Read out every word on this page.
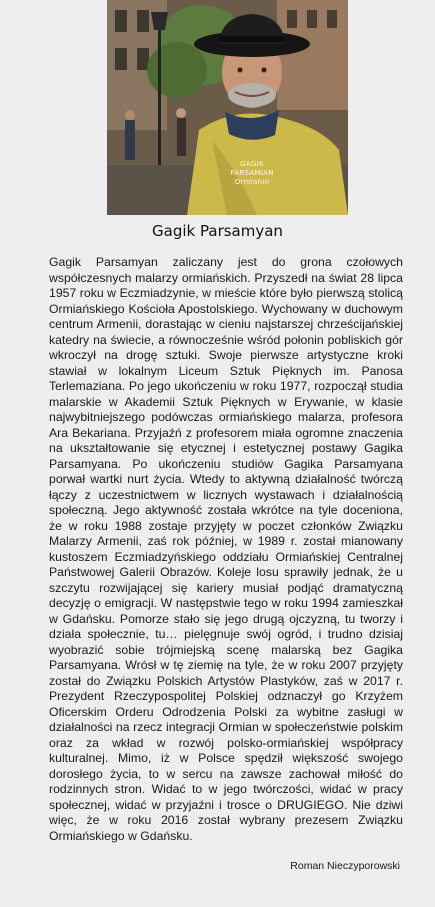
GAGIK
PARSAMIAN
Ormianin
Gagik Parsamyan

Gagik Parsamyan zaliczany jest do grona czołowych współczesnych malarzy ormiańskich. Przyszedł na świat 28 lipca 1957 roku w Eczmiadzynie, w mieście które było pierwszą stolicą Ormiańskiego Kościoła Apostolskiego. Wychowany w duchowym centrum Armenii, dorastając w cieniu najstarszej chrześcijańskiej katedry na świecie, a równocześnie wśród połonin pobliskich gór wkroczył na drogę sztuki. Swoje pierwsze artystyczne kroki stawiał w lokalnym Liceum Sztuk Pięknych im. Panosa Terlemaziana. Po jego ukończeniu w roku 1977, rozpoczął studia malarskie w Akademii Sztuk Pięknych w Erywanie, w klasie najwybitniejszego podówczas ormiańskiego malarza, profesora Ara Bekariana. Przyjaźń z profesorem miała ogromne znaczenia na ukształtowanie się etycznej i estetycznej postawy Gagika Parsamyana. Po ukończeniu studiów Gagika Parsamyana porwał wartki nurt życia. Wtedy to aktywną działalność twórczą łączy z uczestnictwem w licznych wystawach i działalnością społeczną. Jego aktywność została wkrótce na tyle doceniona, że w roku 1988 zostaje przyjęty w poczet członków Związku Malarzy Armenii, zaś rok później, w 1989 r. został mianowany kustoszem Eczmiadzyńskiego oddziału Ormiańskiej Centralnej Państwowej Galerii Obrazów. Koleje losu sprawiły jednak, że u szczytu rozwijającej się kariery musiał podjąć dramatyczną decyzję o emigracji. W następstwie tego w roku 1994 zamieszkał w Gdańsku. Pomorze stało się jego drugą ojczyzną, tu tworzy i działa społecznie, tu… pielęgnuje swój ogród, i trudno dzisiaj wyobrazić sobie trójmiejską scenę malarską bez Gagika Parsamyana. Wrósł w tę ziemię na tyle, że w roku 2007 przyjęty został do Związku Polskich Artystów Plastyków, zaś w 2017 r. Prezydent Rzeczypospolitej Polskiej odznaczył go Krzyżem Oficerskim Orderu Odrodzenia Polski za wybitne zasługi w działalności na rzecz integracji Ormian w społeczeństwie polskim oraz za wkład w rozwój polsko-ormiańskiej współpracy kulturalnej. Mimo, iż w Polsce spędził większość swojego dorosłego życia, to w sercu na zawsze zachował miłość do rodzinnych stron. Widać to w jego twórczości, widać w pracy społecznej, widać w przyjaźni i trosce o DRUGIEGO. Nie dziwi więc, że w roku 2016 został wybrany prezesem Związku Ormiańskiego w Gdańsku.

Roman Nieczyporowski
